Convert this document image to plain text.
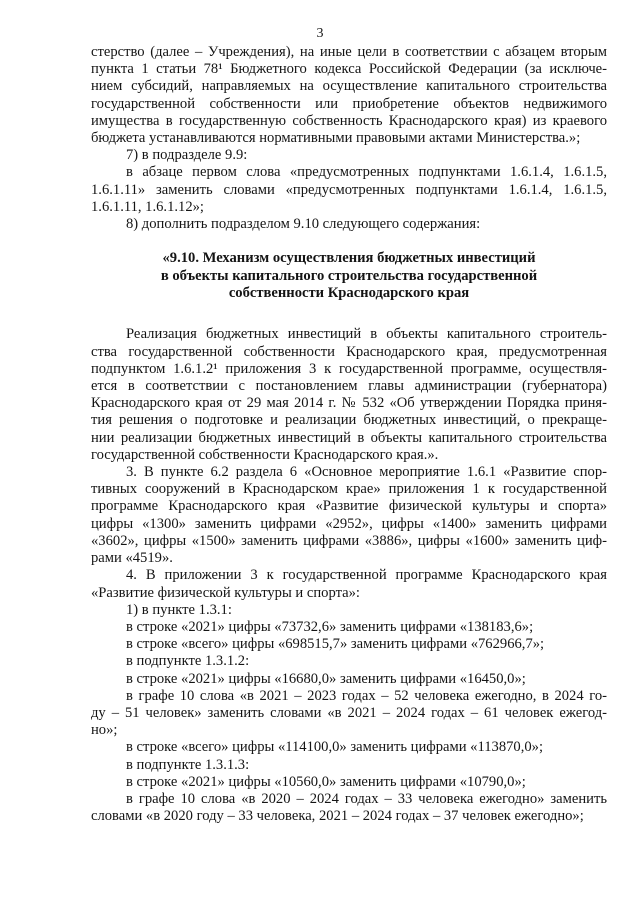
3

стерство (далее – Учреждения), на иные цели в соответствии с абзацем вторым

пункта 1 статьи 78¹ Бюджетного кодекса Российской Федерации (за исключе-

нием субсидий, направляемых на осуществление капитального строительства

государственной собственности или приобретение объектов недвижимого

имущества в государственную собственность Краснодарского края) из краевого

бюджета устанавливаются нормативными правовыми актами Министерства.»;

7) в подразделе 9.9:

в абзаце первом слова «предусмотренных подпунктами 1.6.1.4, 1.6.1.5,

1.6.1.11» заменить словами «предусмотренных подпунктами 1.6.1.4, 1.6.1.5,

1.6.1.11, 1.6.1.12»;

8) дополнить подразделом 9.10 следующего содержания:

«9.10. Механизм осуществления бюджетных инвестиций
в объекты капитального строительства государственной
собственности Краснодарского края

Реализация бюджетных инвестиций в объекты капитального строитель-

ства государственной собственности Краснодарского края, предусмотренная

подпунктом 1.6.1.2¹ приложения 3 к государственной программе, осуществля-

ется в соответствии с постановлением главы администрации (губернатора)

Краснодарского края от 29 мая 2014 г. № 532 «Об утверждении Порядка приня-

тия решения о подготовке и реализации бюджетных инвестиций, о прекраще-

нии реализации бюджетных инвестиций в объекты капитального строительства

государственной собственности Краснодарского края.».

3. В пункте 6.2 раздела 6 «Основное мероприятие 1.6.1 «Развитие спор-

тивных сооружений в Краснодарском крае» приложения 1 к государственной

программе Краснодарского края «Развитие физической культуры и спорта»

цифры «1300» заменить цифрами «2952», цифры «1400» заменить цифрами

«3602», цифры «1500» заменить цифрами «3886», цифры «1600» заменить циф-

рами «4519».

4. В приложении 3 к государственной программе Краснодарского края

«Развитие физической культуры и спорта»:

1) в пункте 1.3.1:

в строке «2021» цифры «73732,6» заменить цифрами «138183,6»;

в строке «всего» цифры «698515,7» заменить цифрами «762966,7»;

в подпункте 1.3.1.2:

в строке «2021» цифры «16680,0» заменить цифрами «16450,0»;

в графе 10 слова «в 2021 – 2023 годах – 52 человека ежегодно, в 2024 го-

ду – 51 человек» заменить словами «в 2021 – 2024 годах – 61 человек ежегод-

но»;

в строке «всего» цифры «114100,0» заменить цифрами «113870,0»;

в подпункте 1.3.1.3:

в строке «2021» цифры «10560,0» заменить цифрами «10790,0»;

в графе 10 слова «в 2020 – 2024 годах – 33 человека ежегодно» заменить

словами «в 2020 году – 33 человека, 2021 – 2024 годах – 37 человек ежегодно»;
